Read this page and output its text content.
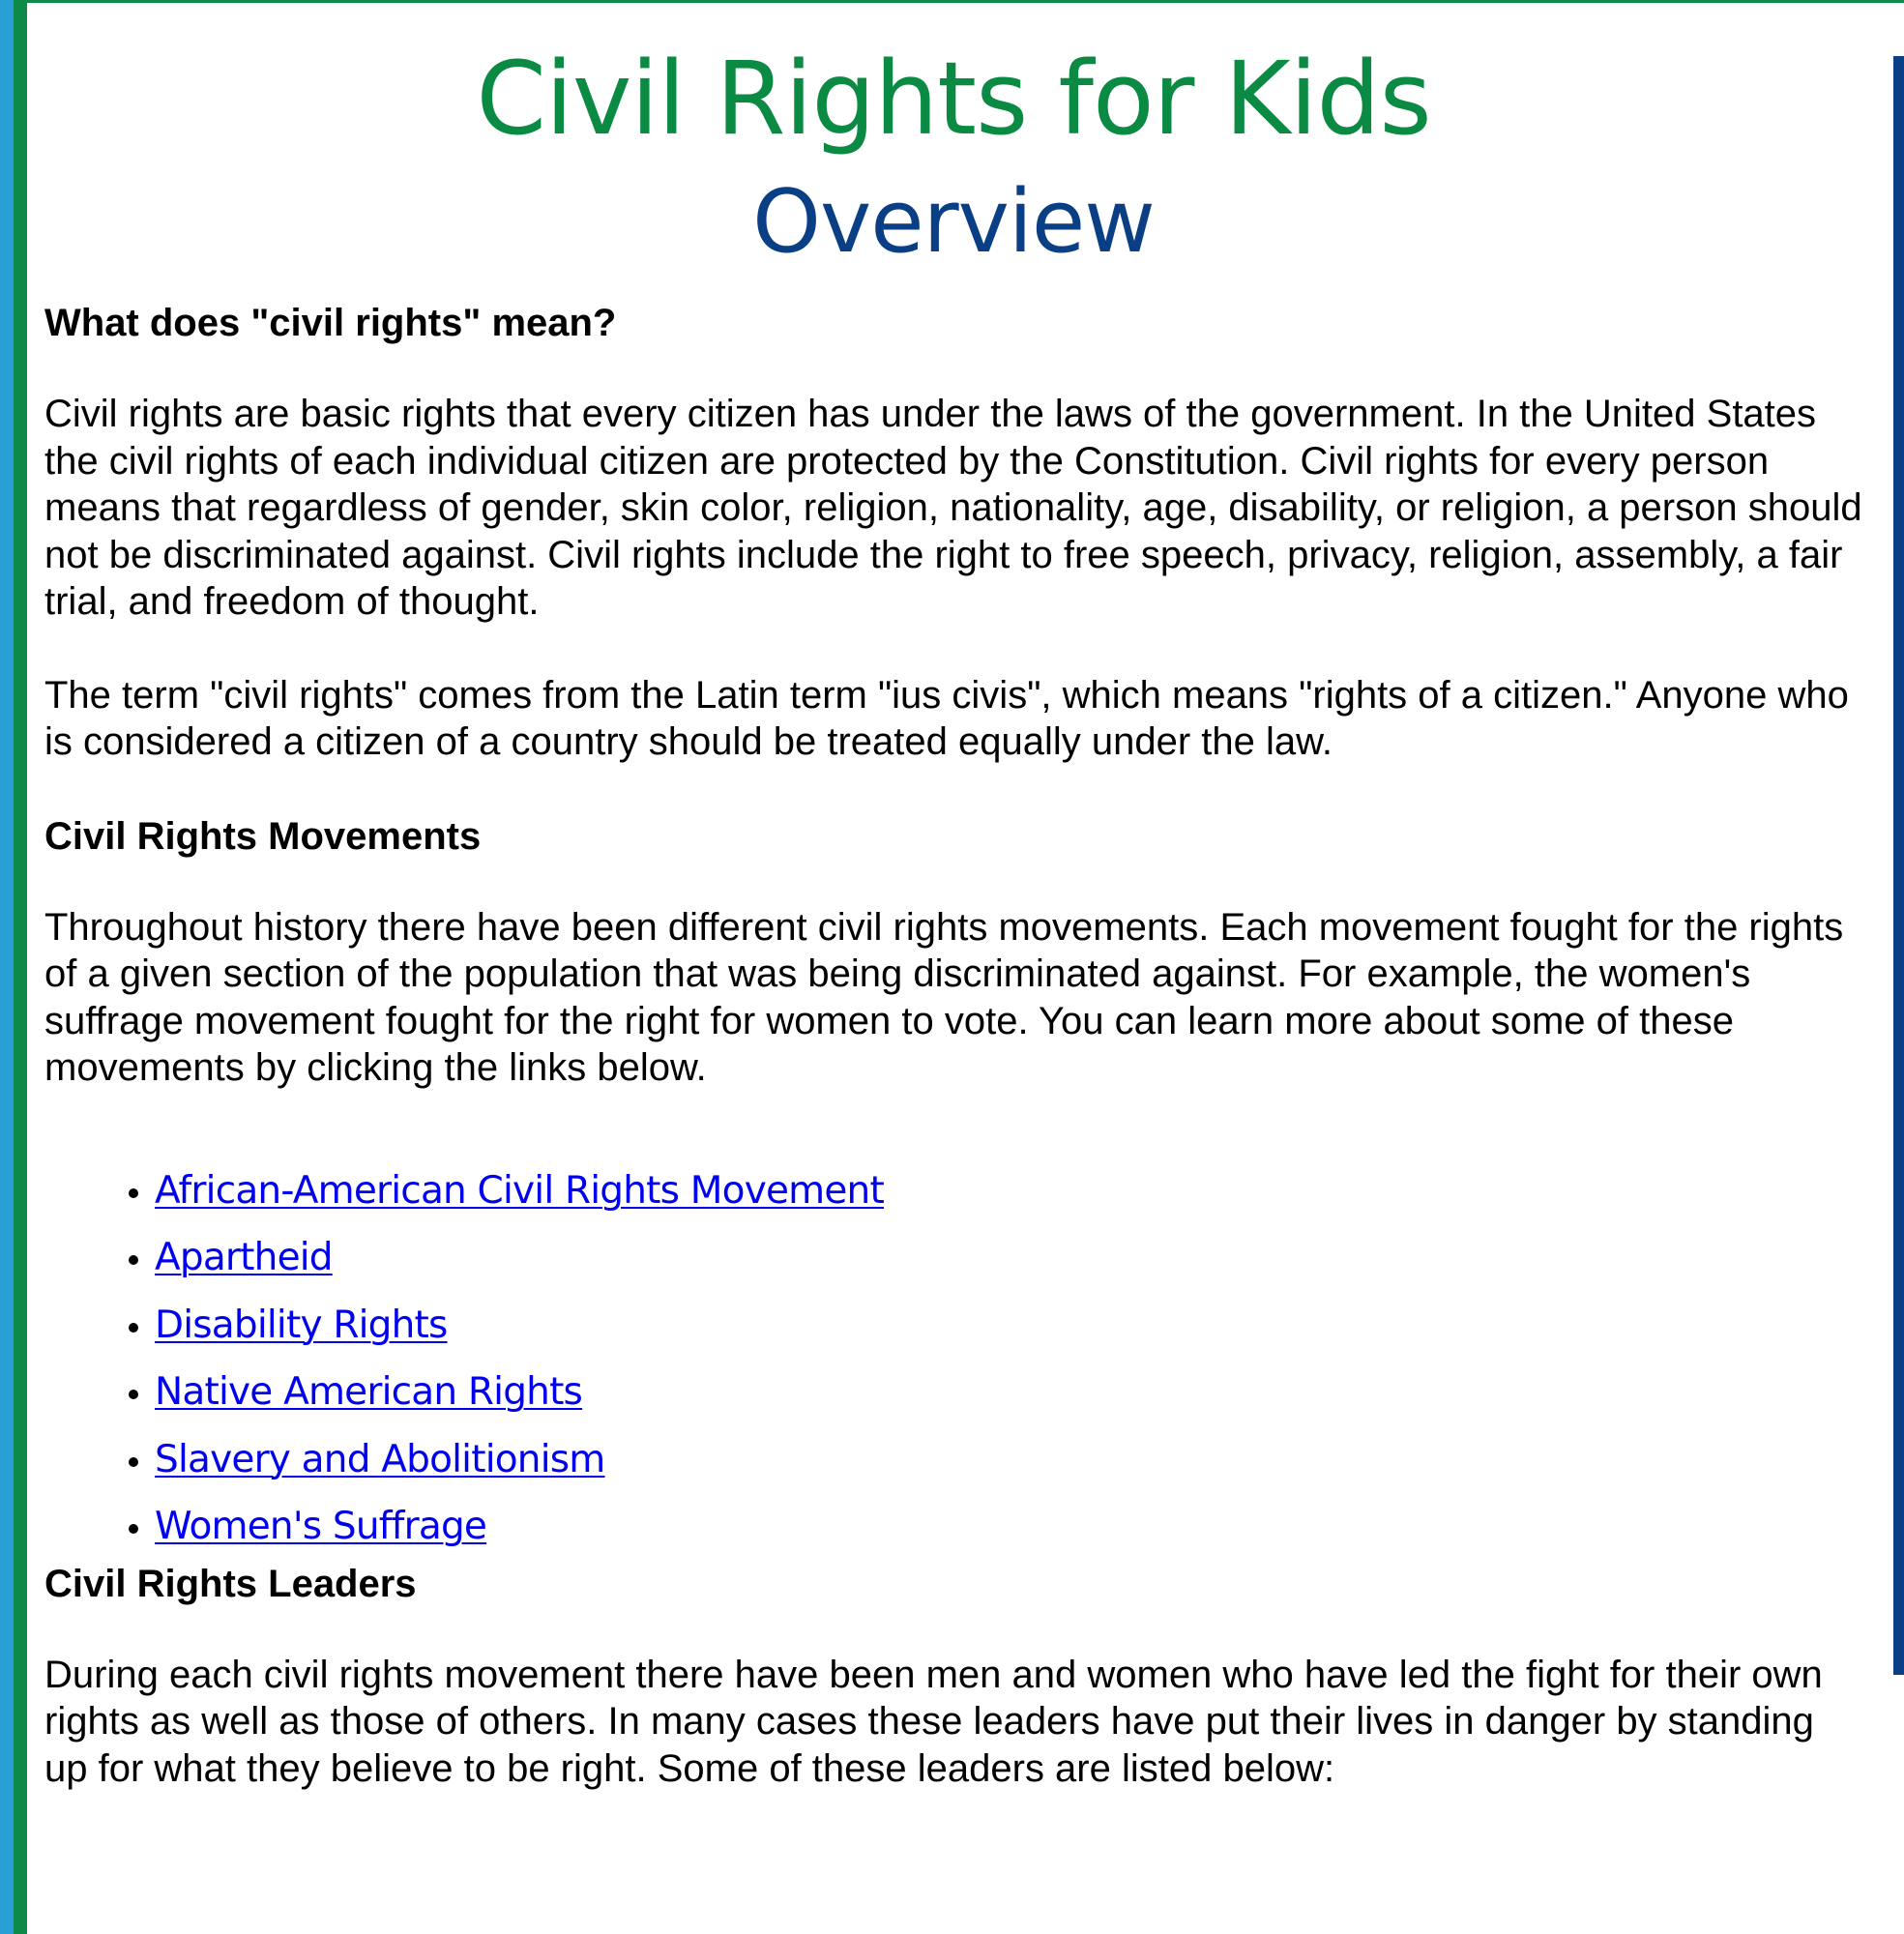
Civil Rights for Kids
Overview

What does "civil rights" mean?

Civil rights are basic rights that every citizen has under the laws of the government. In the United States the civil rights of each individual citizen are protected by the Constitution. Civil rights for every person means that regardless of gender, skin color, religion, nationality, age, disability, or religion, a person should not be discriminated against. Civil rights include the right to free speech, privacy, religion, assembly, a fair trial, and freedom of thought.

The term "civil rights" comes from the Latin term "ius civis", which means "rights of a citizen." Anyone who is considered a citizen of a country should be treated equally under the law.

Civil Rights Movements

Throughout history there have been different civil rights movements. Each movement fought for the rights of a given section of the population that was being discriminated against. For example, the women's suffrage movement fought for the right for women to vote. You can learn more about some of these movements by clicking the links below.

• African-American Civil Rights Movement
• Apartheid
• Disability Rights
• Native American Rights
• Slavery and Abolitionism
• Women's Suffrage

Civil Rights Leaders

During each civil rights movement there have been men and women who have led the fight for their own rights as well as those of others. In many cases these leaders have put their lives in danger by standing up for what they believe to be right. Some of these leaders are listed below:
